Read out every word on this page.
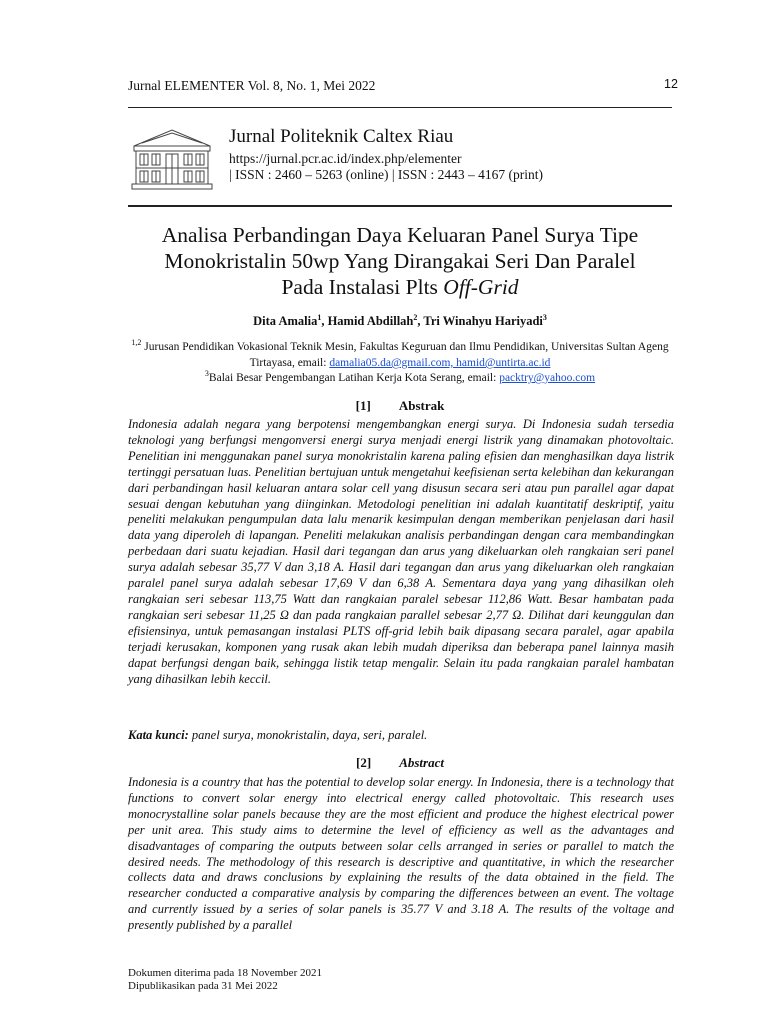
Jurnal ELEMENTER Vol. 8, No. 1, Mei 2022	12
Jurnal Politeknik Caltex Riau
https://jurnal.pcr.ac.id/index.php/elementer
| ISSN : 2460 – 5263 (online) | ISSN : 2443 – 4167 (print)
Analisa Perbandingan Daya Keluaran Panel Surya Tipe
Monokristalin 50wp Yang Dirangakai Seri Dan Paralel
Pada Instalasi Plts Off-Grid
Dita Amalia$^1$, Hamid Abdillah$^2$, Tri Winahyu Hariyadi$^3$
$^{1,2}$ Jurusan Pendidikan Vokasional Teknik Mesin, Fakultas Keguruan dan Ilmu Pendidikan, Universitas Sultan Ageng Tirtayasa, email: damalia05.da@gmail.com, hamid@untirta.ac.id
$^3$Balai Besar Pengembangan Latihan Kerja Kota Serang, email: packtry@yahoo.com
[1] Abstrak

Indonesia adalah negara yang berpotensi mengembangkan energi surya. Di Indonesia sudah tersedia teknologi yang berfungsi mengonversi energi surya menjadi energi listrik yang dinamakan photovoltaic. Penelitian ini menggunakan panel surya monokristalin karena paling efisien dan menghasilkan daya listrik tertinggi persatuan luas. Penelitian bertujuan untuk mengetahui keefisienan serta kelebihan dan kekurangan dari perbandingan hasil keluaran antara solar cell yang disusun secara seri atau pun parallel agar dapat sesuai dengan kebutuhan yang diinginkan. Metodologi penelitian ini adalah kuantitatif deskriptif, yaitu peneliti melakukan pengumpulan data lalu menarik kesimpulan dengan memberikan penjelasan dari hasil data yang diperoleh di lapangan. Peneliti melakukan analisis perbandingan dengan cara membandingkan perbedaan dari suatu kejadian. Hasil dari tegangan dan arus yang dikeluarkan oleh rangkaian seri panel surya adalah sebesar 35,77 V dan 3,18 A. Hasil dari tegangan dan arus yang dikeluarkan oleh rangkaian paralel panel surya adalah sebesar 17,69 V dan 6,38 A. Sementara daya yang yang dihasilkan oleh rangkaian seri sebesar 113,75 Watt dan rangkaian paralel sebesar 112,86 Watt. Besar hambatan pada rangkaian seri sebesar 11,25 Ω dan pada rangkaian parallel sebesar 2,77 Ω. Dilihat dari keunggulan dan efisiensinya, untuk pemasangan instalasi PLTS off-grid lebih baik dipasang secara paralel, agar apabila terjadi kerusakan, komponen yang rusak akan lebih mudah diperiksa dan beberapa panel lainnya masih dapat berfungsi dengan baik, sehingga listik tetap mengalir. Selain itu pada rangkaian paralel hambatan yang dihasilkan lebih keccil.

Kata kunci: panel surya, monokristalin, daya, seri, paralel.
[2] Abstract

Indonesia is a country that has the potential to develop solar energy. In Indonesia, there is a technology that functions to convert solar energy into electrical energy called photovoltaic. This research uses monocrystalline solar panels because they are the most efficient and produce the highest electrical power per unit area. This study aims to determine the level of efficiency as well as the advantages and disadvantages of comparing the outputs between solar cells arranged in series or parallel to match the desired needs. The methodology of this research is descriptive and quantitative, in which the researcher collects data and draws conclusions by explaining the results of the data obtained in the field. The researcher conducted a comparative analysis by comparing the differences between an event. The voltage and currently issued by a series of solar panels is 35.77 V and 3.18 A. The results of the voltage and presently published by a parallel

Dokumen diterima pada 18 November 2021
Dipublikasikan pada 31 Mei 2022
